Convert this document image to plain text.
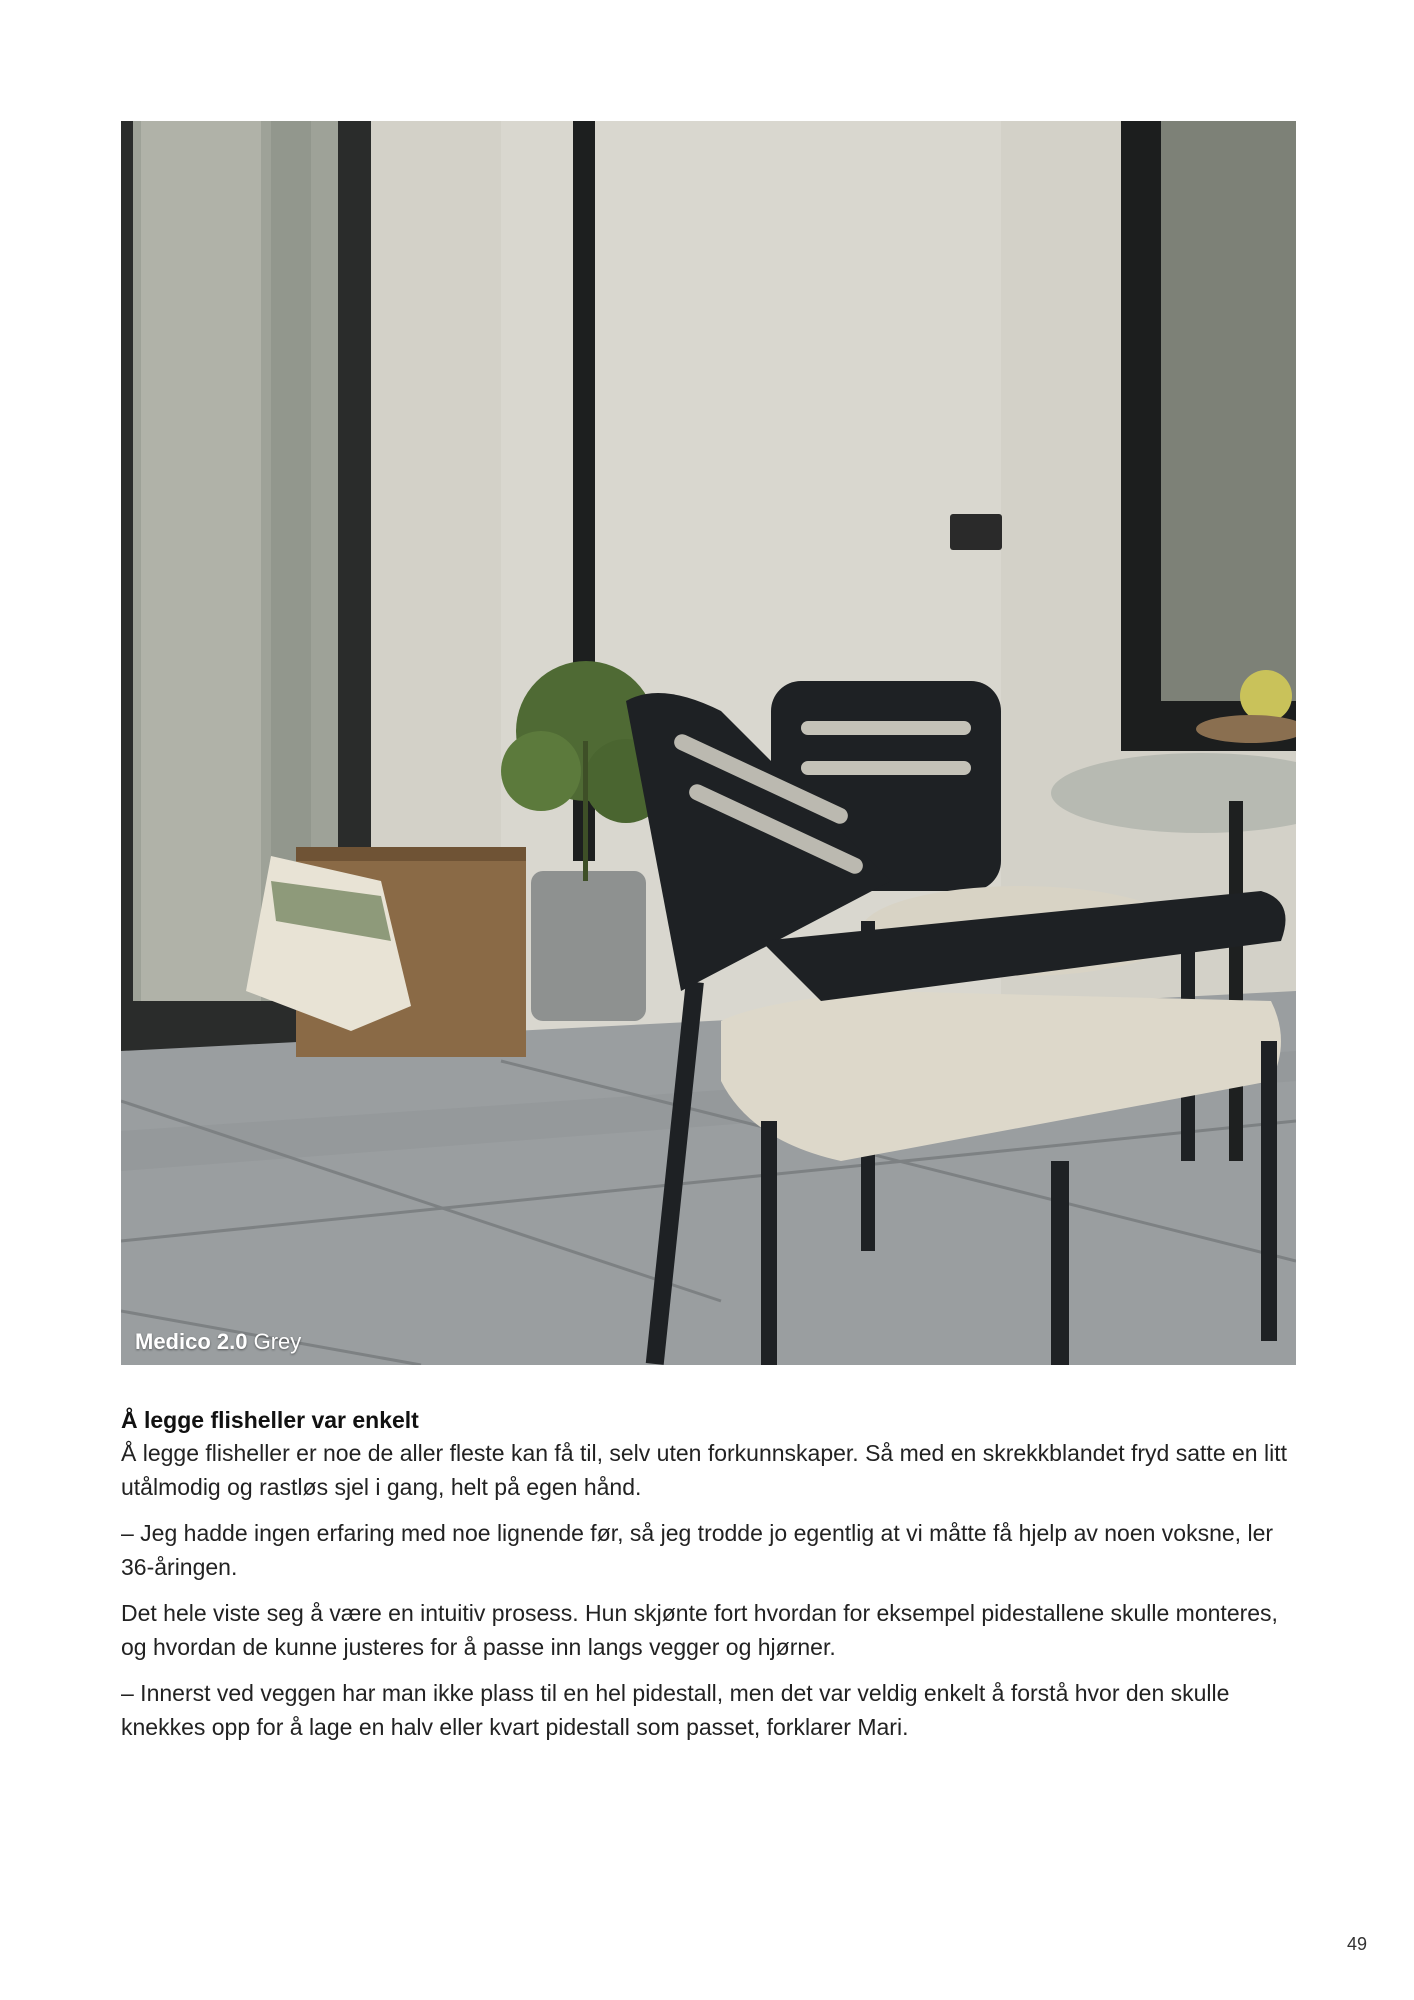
Medico 2.0 Grey
Å legge flisheller var enkelt

Å legge flisheller er noe de aller fleste kan få til, selv uten forkunnskaper. Så med en skrekkblandet fryd satte en litt utålmodig og rastløs sjel i gang, helt på egen hånd.

– Jeg hadde ingen erfaring med noe lignende før, så jeg trodde jo egentlig at vi måtte få hjelp av noen voksne, ler 36-åringen.

Det hele viste seg å være en intuitiv prosess. Hun skjønte fort hvordan for eksempel pidestallene skulle monteres, og hvordan de kunne justeres for å passe inn langs vegger og hjørner.

– Innerst ved veggen har man ikke plass til en hel pidestall, men det var veldig enkelt å forstå hvor den skulle knekkes opp for å lage en halv eller kvart pidestall som passet, forklarer Mari.

49
